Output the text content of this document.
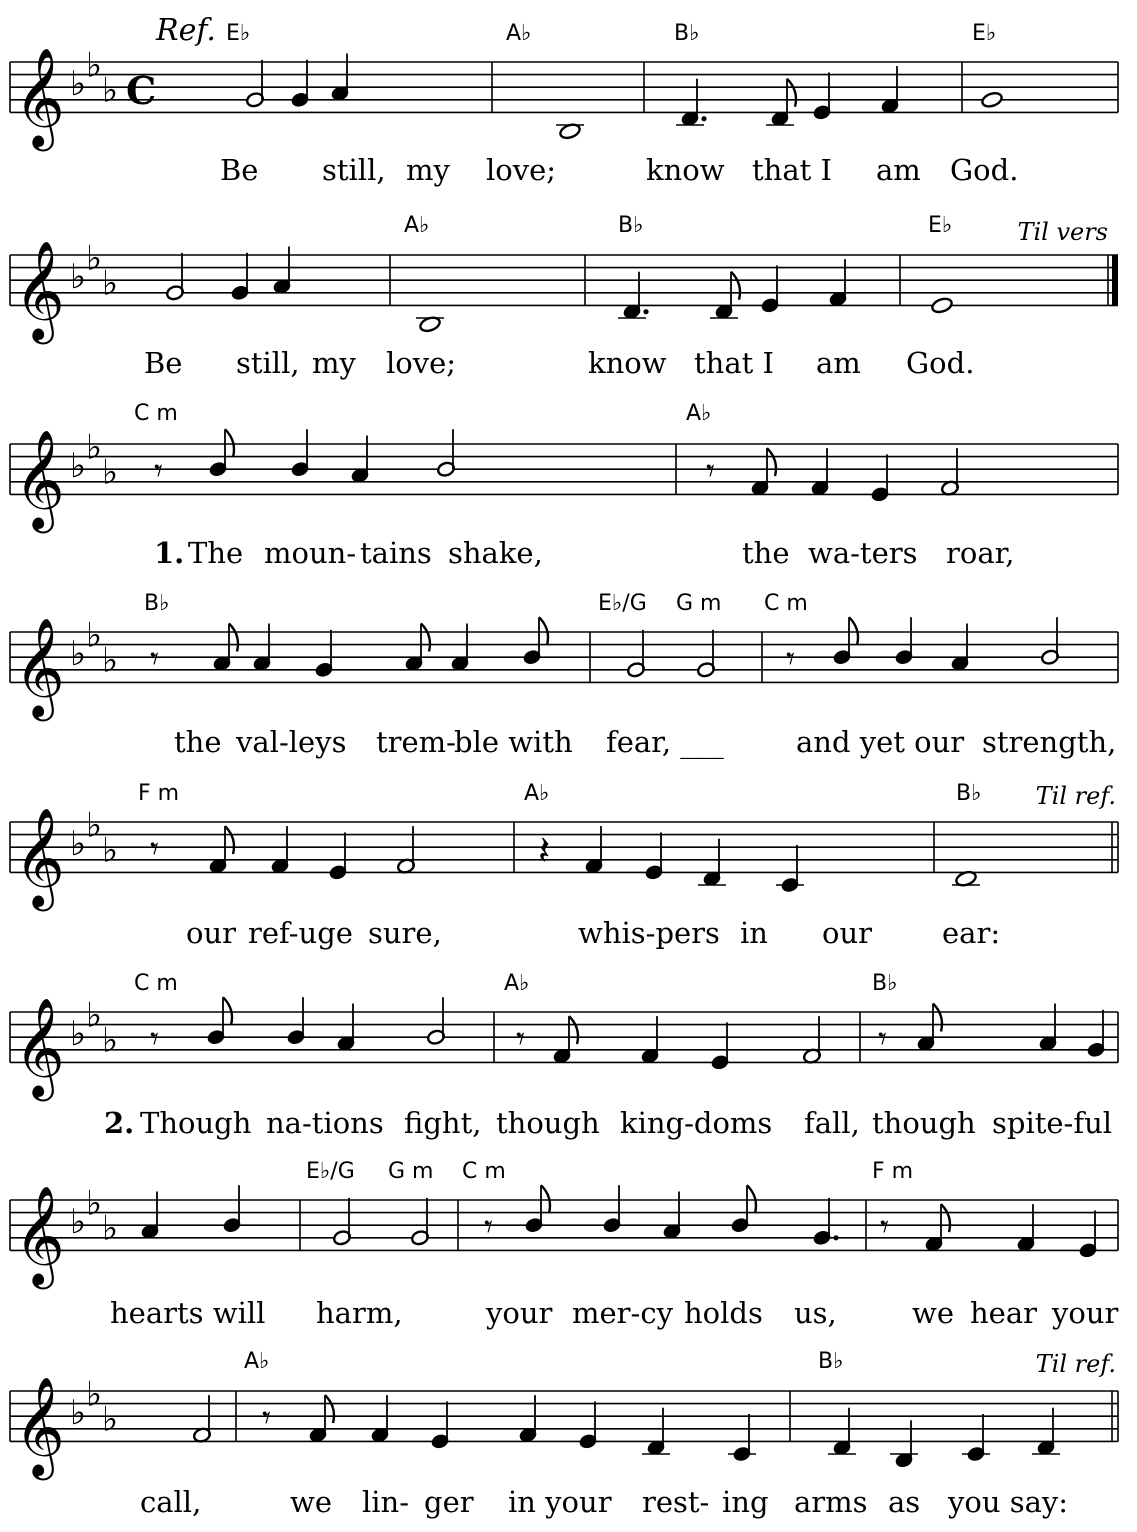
𝄞 ♭ ♭
♭ C
𝄞 ♭ ♭
♭
𝄞 ♭ ♭
♭ 𝄾	𝄾
𝄞 ♭ ♭
♭ 𝄾	𝄾
𝄞 ♭ ♭
♭ 𝄾	𝄽
𝄞 ♭ ♭
♭ 𝄾	𝄾	𝄾
𝄞 ♭ ♭
♭	𝄾	𝄾
𝄞 ♭ ♭
♭	𝄾
Ref. E♭	A♭	B♭	E♭
A♭	B♭	E♭
C m	A♭
B♭	E♭/G G m C m
F m	A♭	B♭
C m	A♭	B♭
E♭/G G m C m	F m
A♭	B♭
Til vers
Til ref.
Til ref.
Be still, my love;	know that I am God.
Be still, my love;	know that I am God.
1. The moun- tains shake,	the wa-ters roar,
the val-leys trem-
ble with fear, ___ and yet our strength,
our ref-uge sure,	whis-pers in our ear:
2. Though na-tions fight, though king-doms fall, though spite-ful
hearts will harm,	your mer-cy holds us,	we hear your
call,	we lin- ger in your rest- ing arms as you say:
